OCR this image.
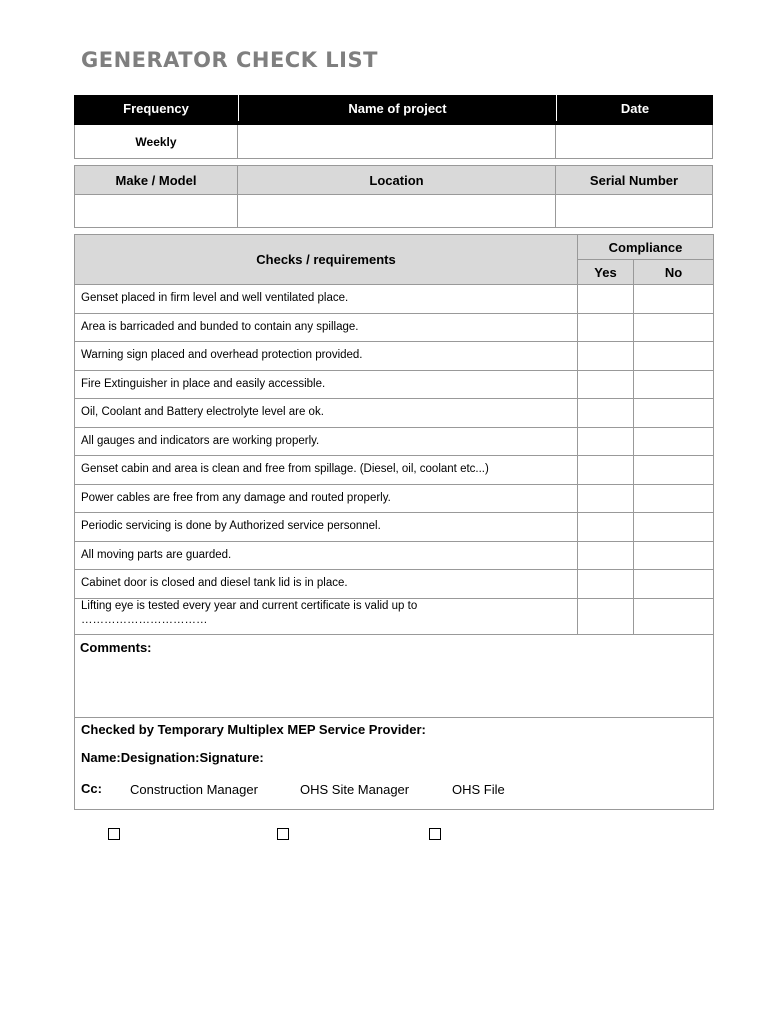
GENERATOR CHECK LIST
Frequency	Name of project	Date
Weekly
Make / Model	Location	Serial Number
Checks / requirements
Compliance
Yes	No
Genset placed in firm level and well ventilated place.
Area is barricaded and bunded to contain any spillage.
Warning sign placed and overhead protection provided.
Fire Extinguisher in place and easily accessible.
Oil, Coolant and Battery electrolyte level are ok.
All gauges and indicators are working properly.
Genset cabin and area is clean and free from spillage. (Diesel, oil, coolant etc...)
Power cables are free from any damage and routed properly.
Periodic servicing is done by Authorized service personnel.
All moving parts are guarded.
Cabinet door is closed and diesel tank lid is in place.
Lifting eye is tested every year and current certificate is valid up to
……………………………
Comments:
Checked by Temporary Multiplex MEP Service Provider:
Name:Designation:Signature:
Cc: Construction Manager	OHS Site Manager	OHS File
